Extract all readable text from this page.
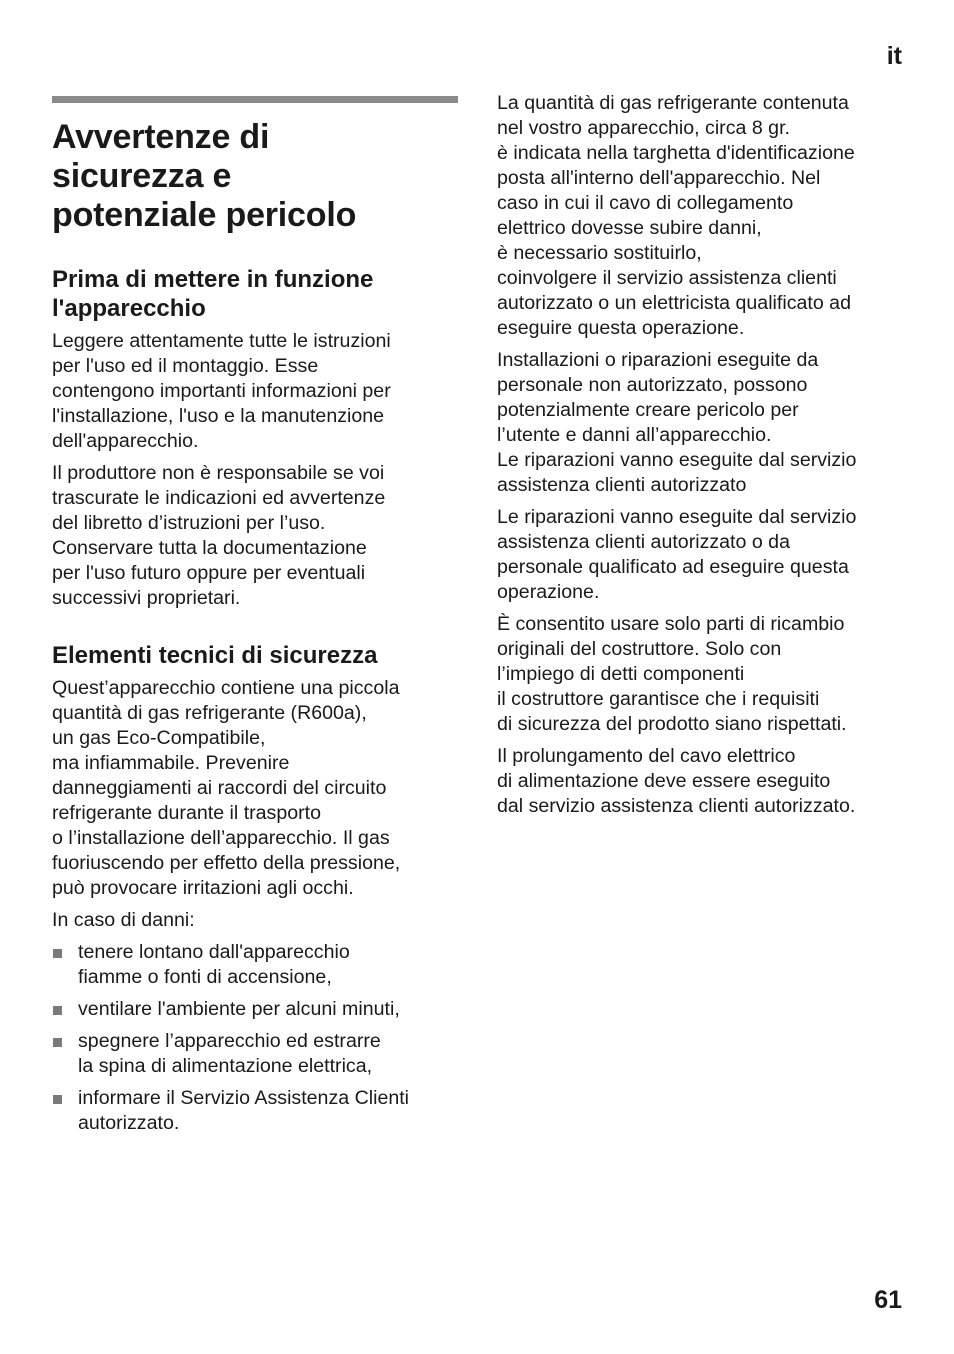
it
Avvertenze di
sicurezza e
potenziale pericolo
Prima di mettere in funzione
l'apparecchio

Leggere attentamente tutte le istruzioni
per l'uso ed il montaggio. Esse
contengono importanti informazioni per
l'installazione, l'uso e la manutenzione
dell'apparecchio.

Il produttore non è responsabile se voi
trascurate le indicazioni ed avvertenze
del libretto d’istruzioni per l’uso.
Conservare tutta la documentazione
per l'uso futuro oppure per eventuali
successivi proprietari.

Elementi tecnici di sicurezza

Quest’apparecchio contiene una piccola
quantità di gas refrigerante (R600a),
un gas Eco-Compatibile,
ma infiammabile. Prevenire
danneggiamenti ai raccordi del circuito
refrigerante durante il trasporto
o l’installazione dell’apparecchio. Il gas
fuoriuscendo per effetto della pressione,
può provocare irritazioni agli occhi.

In caso di danni:

tenere lontano dall'apparecchio
fiamme o fonti di accensione,
ventilare l'ambiente per alcuni minuti,
spegnere l’apparecchio ed estrarre
la spina di alimentazione elettrica,
informare il Servizio Assistenza Clienti
autorizzato.

La quantità di gas refrigerante contenuta
nel vostro apparecchio, circa 8 gr.
è indicata nella targhetta d'identificazione
posta all'interno dell'apparecchio. Nel
caso in cui il cavo di collegamento
elettrico dovesse subire danni,
è necessario sostituirlo,
coinvolgere il servizio assistenza clienti
autorizzato o un elettricista qualificato ad
eseguire questa operazione.

Installazioni o riparazioni eseguite da
personale non autorizzato, possono
potenzialmente creare pericolo per
l’utente e danni all’apparecchio.
Le riparazioni vanno eseguite dal servizio
assistenza clienti autorizzato

Le riparazioni vanno eseguite dal servizio
assistenza clienti autorizzato o da
personale qualificato ad eseguire questa
operazione.

È consentito usare solo parti di ricambio
originali del costruttore. Solo con
l’impiego di detti componenti
il costruttore garantisce che i requisiti
di sicurezza del prodotto siano rispettati.

Il prolungamento del cavo elettrico
di alimentazione deve essere eseguito
dal servizio assistenza clienti autorizzato.

61
